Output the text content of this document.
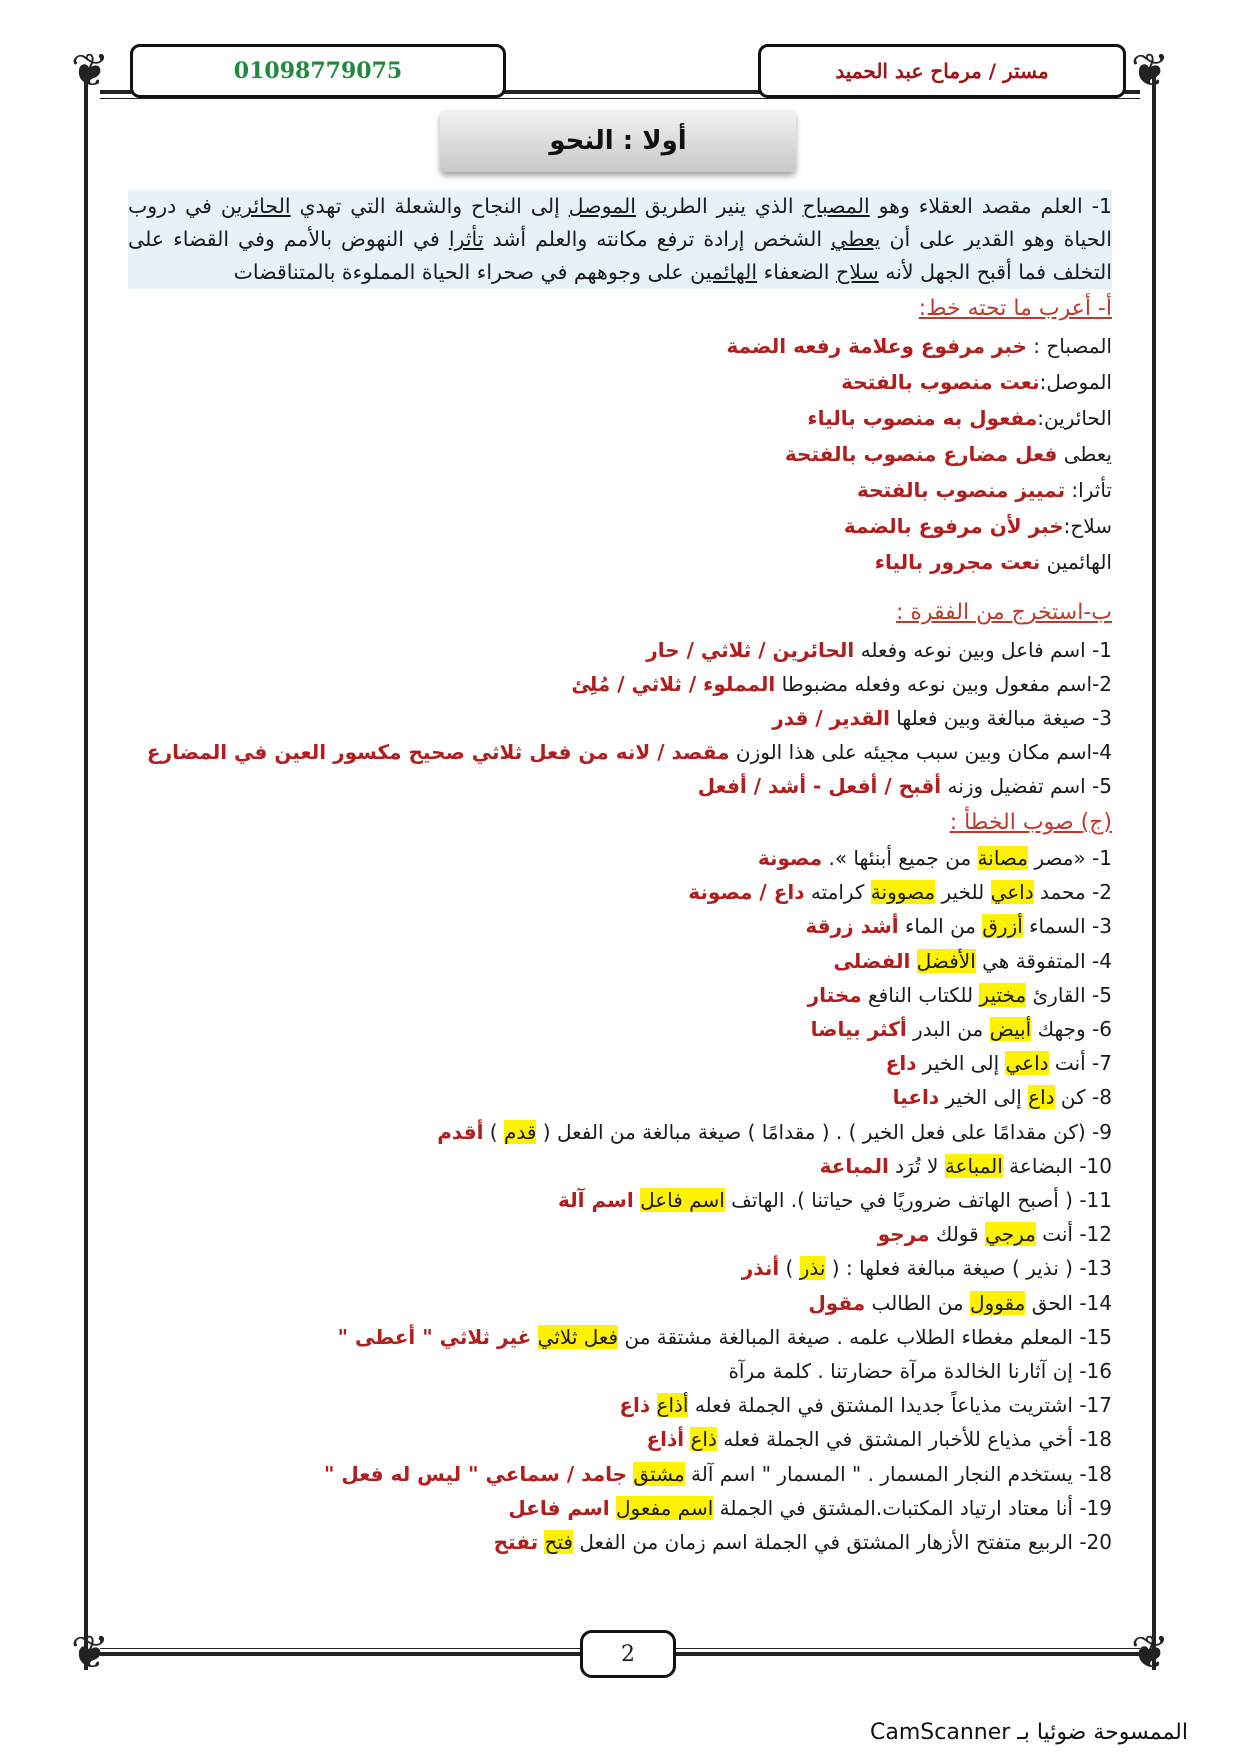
❦	❦
❦	❦
مستر / مرماح عبد الحميد
01098779075
أولا : النحو
1- العلم مقصد العقلاء وهو المصباح الذي ينير الطريق الموصل إلى النجاح والشعلة التي تهدي الحائرين في دروب الحياة وهو القدير على أن يعطي الشخص إرادة ترفع مكانته والعلم أشد تأثرا في النهوض بالأمم وفي القضاء على التخلف فما أقبح الجهل لأنه سلاح الضعفاء الهائمين على وجوههم في صحراء الحياة المملوءة بالمتناقضات
أ- أعرب ما تحته خط:
المصباح : خبر مرفوع وعلامة رفعه الضمة
الموصل:نعت منصوب بالفتحة
الحائرين:مفعول به منصوب بالياء
يعطى فعل مضارع منصوب بالفتحة
تأثرا: تمييز منصوب بالفتحة
سلاح:خبر لأن مرفوع بالضمة
الهائمين نعت مجرور بالياء
ب-استخرج من الفقرة :
1- اسم فاعل وبين نوعه وفعله الحائرين / ثلاثي / حار
2-اسم مفعول وبين نوعه وفعله مضبوطا المملوء / ثلاثي / مُلِئ
3- صيغة مبالغة وبين فعلها القدير / قدر
4-اسم مكان وبين سبب مجيئه على هذا الوزن مقصد / لانه من فعل ثلاثي صحيح مكسور العين في المضارع
5- اسم تفضيل وزنه أقبح / أفعل - أشد / أفعل
(ج) صوب الخطأ :
1- «مصر مصانة من جميع أبنئها ». مصونة
2- محمد داعي للخير مصوونة كرامته داع / مصونة
3- السماء أزرق من الماء أشد زرقة
4- المتفوقة هي الأفضل الفضلى
5- القارئ مختير للكتاب النافع مختار
6- وجهك أبيض من البدر أكثر بياضا
7- أنت داعي إلى الخير داع
8- كن داع إلى الخير داعيا
9- (كن مقدامًا على فعل الخير ) . ( مقدامًا ) صيغة مبالغة من الفعل ( قدم ) أقدم
10- البضاعة المباعة لا تُرَد المباعة
11- ( أصبح الهاتف ضروريًا في حياتنا ). الهاتف اسم فاعل اسم آلة
12- أنت مرجي قولك مرجو
13- ( نذير ) صيغة مبالغة فعلها : ( نذر ) أنذر
14- الحق مقوول من الطالب مقول
15- المعلم مغطاء الطلاب علمه . صيغة المبالغة مشتقة من فعل ثلاثي غير ثلاثي " أعطى "
16- إن آثارنا الخالدة مرآة حضارتنا . كلمة مرآة
17- اشتريت مذياعاً جديدا المشتق في الجملة فعله أذاع ذاع
18- أخي مذياع للأخبار المشتق في الجملة فعله ذاع أذاع
18- يستخدم النجار المسمار . " المسمار " اسم آلة مشتق جامد / سماعي " ليس له فعل "
19- أنا معتاد ارتياد المكتبات.المشتق في الجملة اسم مفعول اسم فاعل
20- الربيع متفتح الأزهار المشتق في الجملة اسم زمان من الفعل فتح تفتح
2
الممسوحة ضوئيا بـ CamScanner
